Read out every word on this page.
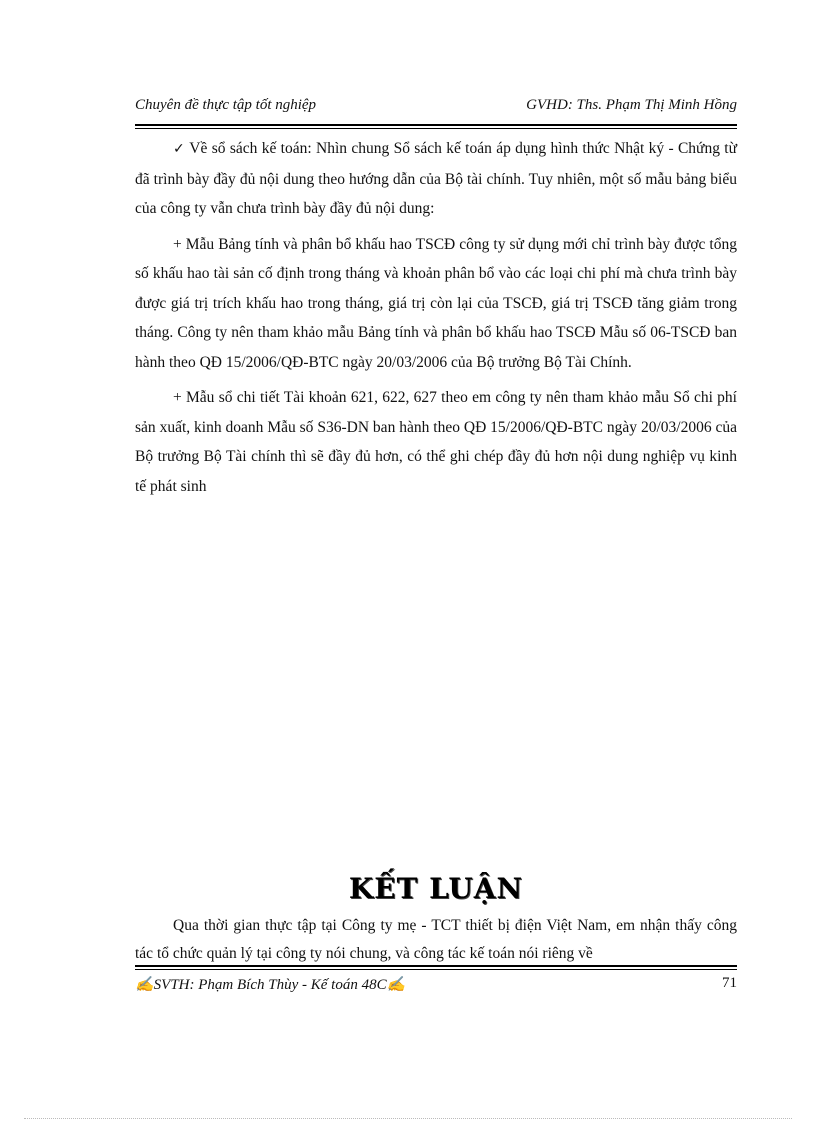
Chuyên đề thực tập tốt nghiệp	GVHD: Ths. Phạm Thị Minh Hồng

✓ Về sổ sách kế toán: Nhìn chung Sổ sách kế toán áp dụng hình thức Nhật ký - Chứng từ đã trình bày đầy đủ nội dung theo hướng dẫn của Bộ tài chính. Tuy nhiên, một số mẫu bảng biểu của công ty vẫn chưa trình bày đầy đủ nội dung:

+ Mẫu Bảng tính và phân bổ khấu hao TSCĐ công ty sử dụng mới chỉ trình bày được tổng số khấu hao tài sản cố định trong tháng và khoản phân bổ vào các loại chi phí mà chưa trình bày được giá trị trích khấu hao trong tháng, giá trị còn lại của TSCĐ, giá trị TSCĐ tăng giảm trong tháng. Công ty nên tham khảo mẫu Bảng tính và phân bổ khấu hao TSCĐ Mẫu số 06-TSCĐ ban hành theo QĐ 15/2006/QĐ-BTC ngày 20/03/2006 của Bộ trưởng Bộ Tài Chính.

+ Mẫu sổ chi tiết Tài khoản 621, 622, 627 theo em công ty nên tham khảo mẫu Sổ chi phí sản xuất, kinh doanh Mẫu số S36-DN ban hành theo QĐ 15/2006/QĐ-BTC ngày 20/03/2006 của Bộ trưởng Bộ Tài chính thì sẽ đầy đủ hơn, có thể ghi chép đầy đủ hơn nội dung nghiệp vụ kinh tế phát sinh

KẾT LUẬN

Qua thời gian thực tập tại Công ty mẹ - TCT thiết bị điện Việt Nam, em nhận thấy công tác tổ chức quản lý tại công ty nói chung, và công tác kế toán nói riêng về

✍SVTH: Phạm Bích Thùy - Kế toán 48C✍	71
